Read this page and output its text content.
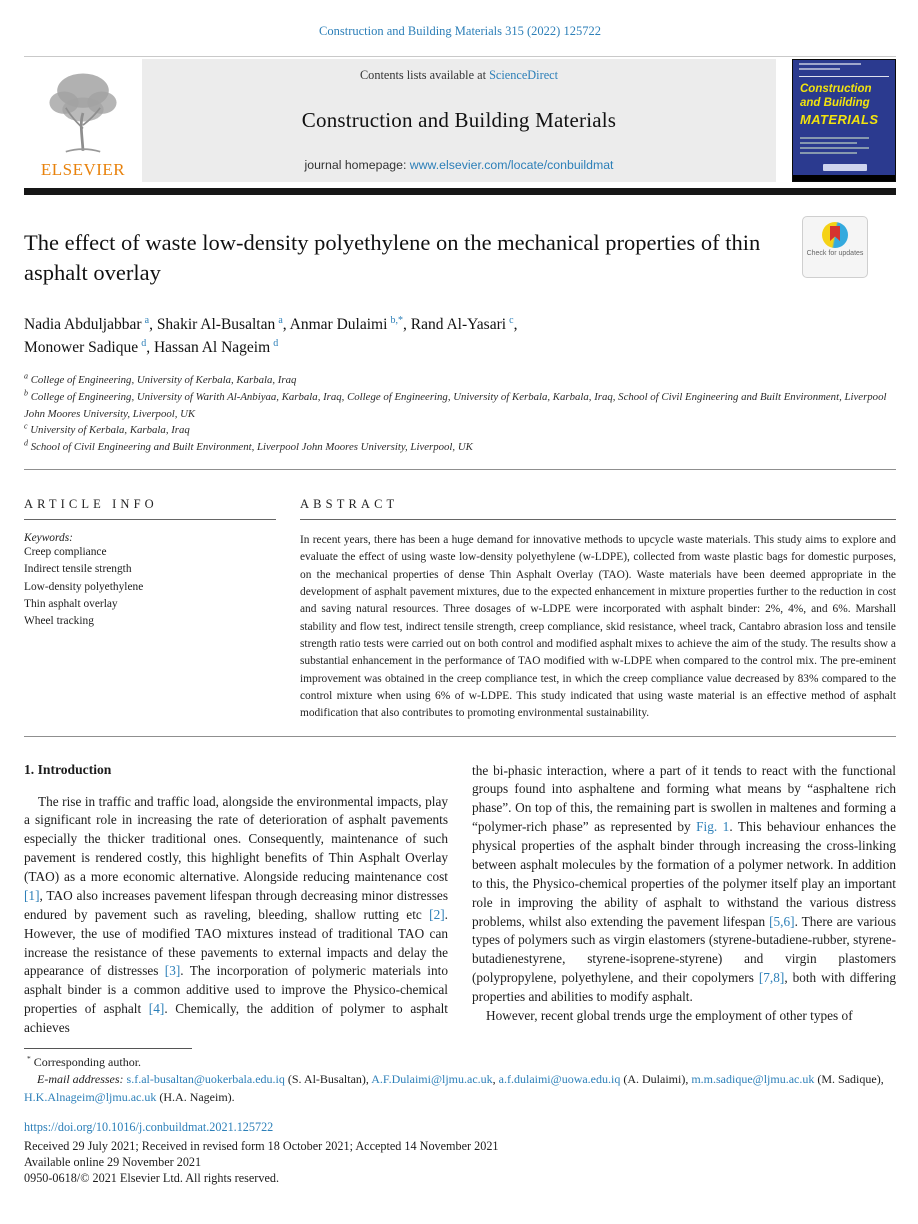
Construction and Building Materials 315 (2022) 125722
ELSEVIER
Contents lists available at ScienceDirect
Construction and Building Materials
journal homepage: www.elsevier.com/locate/conbuildmat
Construction
and Building
MATERIALS
The effect of waste low-density polyethylene on the mechanical properties of thin asphalt overlay
Check for updates
Nadia Abduljabbar $^a$, Shakir Al-Busaltan $^a$, Anmar Dulaimi $^{b,*}$, Rand Al-Yasari $^c$,
Monower Sadique $^d$, Hassan Al Nageim $^d$
$^a$ College of Engineering, University of Kerbala, Karbala, Iraq
$^b$ College of Engineering, University of Warith Al-Anbiyaa, Karbala, Iraq, College of Engineering, University of Kerbala, Karbala, Iraq, School of Civil Engineering and Built Environment, Liverpool John Moores University, Liverpool, UK
$^c$ University of Kerbala, Karbala, Iraq
$^d$ School of Civil Engineering and Built Environment, Liverpool John Moores University, Liverpool, UK
ARTICLE INFO
Keywords:
Creep compliance
Indirect tensile strength
Low-density polyethylene
Thin asphalt overlay
Wheel tracking
ABSTRACT
In recent years, there has been a huge demand for innovative methods to upcycle waste materials. This study aims to explore and evaluate the effect of using waste low-density polyethylene (w-LDPE), collected from waste plastic bags for domestic purposes, on the mechanical properties of dense Thin Asphalt Overlay (TAO). Waste materials have been deemed appropriate in the development of asphalt pavement mixtures, due to the expected enhancement in mixture properties further to the reduction in cost and saving natural resources. Three dosages of w-LDPE were incorporated with asphalt binder: 2%, 4%, and 6%. Marshall stability and flow test, indirect tensile strength, creep compliance, skid resistance, wheel track, Cantabro abrasion loss and tensile strength ratio tests were carried out on both control and modified asphalt mixes to achieve the aim of the study. The results show a substantial enhancement in the performance of TAO modified with w-LDPE when compared to the control mix. The pre-eminent improvement was obtained in the creep compliance test, in which the creep compliance value decreased by 83% compared to the control mixture when using 6% of w-LDPE. This study indicated that using waste material is an effective method of asphalt modification that also contributes to promoting environmental sustainability.
1. Introduction

The rise in traffic and traffic load, alongside the environmental impacts, play a significant role in increasing the rate of deterioration of asphalt pavements especially the thicker traditional ones. Consequently, maintenance of such pavement is rendered costly, this highlight benefits of Thin Asphalt Overlay (TAO) as a more economic alternative. Alongside reducing maintenance cost [1], TAO also increases pavement lifespan through decreasing minor distresses endured by pavement such as raveling, bleeding, shallow rutting etc [2]. However, the use of modified TAO mixtures instead of traditional TAO can increase the resistance of these pavements to external impacts and delay the appearance of distresses [3]. The incorporation of polymeric materials into asphalt binder is a common additive used to improve the Physico-chemical properties of asphalt [4]. Chemically, the addition of polymer to asphalt achieves

the bi-phasic interaction, where a part of it tends to react with the functional groups found into asphaltene and forming what means by “asphaltene rich phase”. On top of this, the remaining part is swollen in maltenes and forming a “polymer-rich phase” as represented by Fig. 1. This behaviour enhances the physical properties of the asphalt binder through increasing the cross-linking between asphalt molecules by the formation of a polymer network. In addition to this, the Physico-chemical properties of the polymer itself play an important role in improving the ability of asphalt to withstand the various distress problems, whilst also extending the pavement lifespan [5,6]. There are various types of polymers such as virgin elastomers (styrene-butadiene-rubber, styrene-butadienestyrene, styrene-isoprene-styrene) and virgin plastomers (polypropylene, polyethylene, and their copolymers [7,8], both with differing properties and abilities to modify asphalt.

However, recent global trends urge the employment of other types of

* Corresponding author.
E-mail addresses: s.f.al-busaltan@uokerbala.edu.iq (S. Al-Busaltan), A.F.Dulaimi@ljmu.ac.uk, a.f.dulaimi@uowa.edu.iq (A. Dulaimi), m.m.sadique@ljmu.ac.uk (M. Sadique), H.K.Alnageim@ljmu.ac.uk (H.A. Nageim).
https://doi.org/10.1016/j.conbuildmat.2021.125722
Received 29 July 2021; Received in revised form 18 October 2021; Accepted 14 November 2021
Available online 29 November 2021
0950-0618/© 2021 Elsevier Ltd. All rights reserved.
